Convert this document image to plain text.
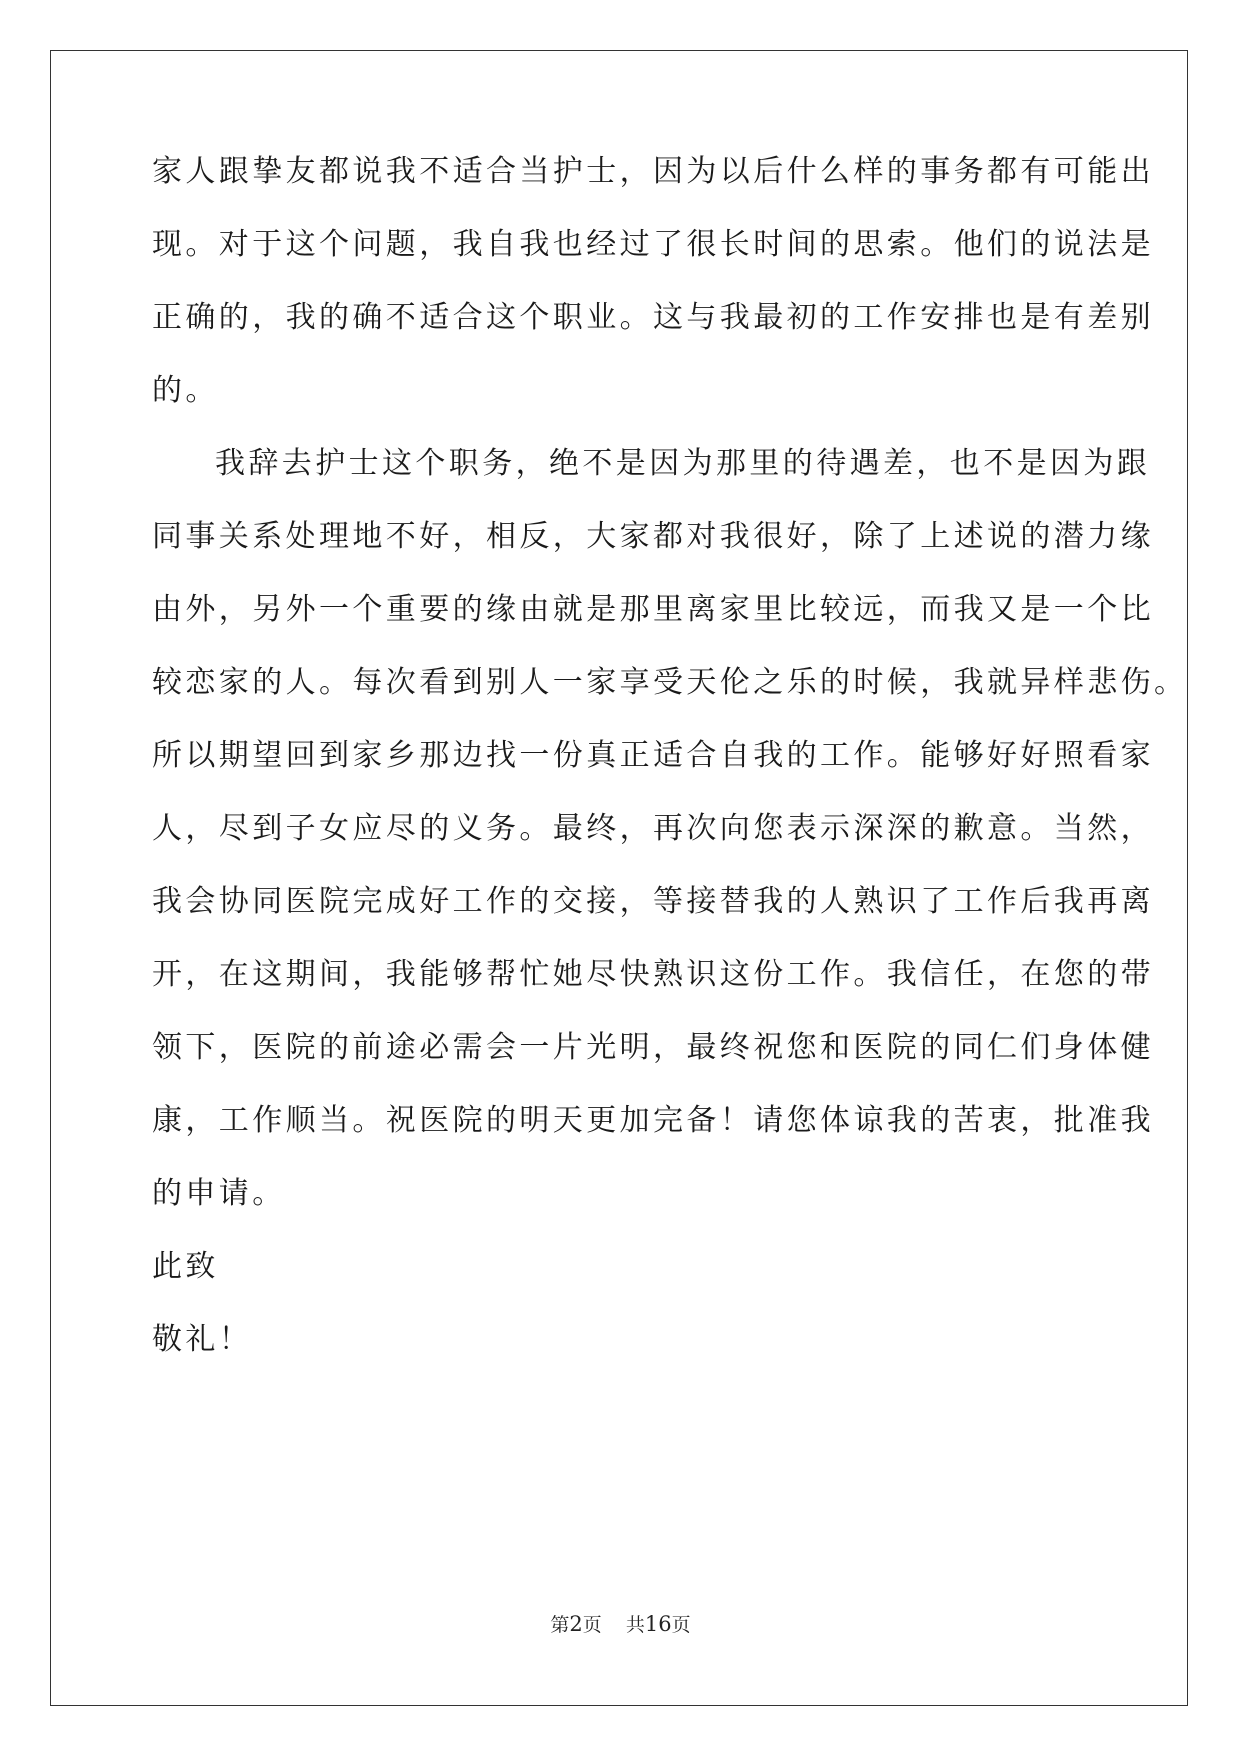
家人跟挚友都说我不适合当护士，因为以后什么样的事务都有可能出
现。对于这个问题，我自我也经过了很长时间的思索。他们的说法是
正确的，我的确不适合这个职业。这与我最初的工作安排也是有差别
的。
我辞去护士这个职务，绝不是因为那里的待遇差，也不是因为跟
同事关系处理地不好，相反，大家都对我很好，除了上述说的潜力缘
由外，另外一个重要的缘由就是那里离家里比较远，而我又是一个比
较恋家的人。每次看到别人一家享受天伦之乐的时候，我就异样悲伤。
所以期望回到家乡那边找一份真正适合自我的工作。能够好好照看家
人，尽到子女应尽的义务。最终，再次向您表示深深的歉意。当然，
我会协同医院完成好工作的交接，等接替我的人熟识了工作后我再离
开，在这期间，我能够帮忙她尽快熟识这份工作。我信任，在您的带
领下，医院的前途必需会一片光明，最终祝您和医院的同仁们身体健
康，工作顺当。祝医院的明天更加完备！请您体谅我的苦衷，批准我
的申请。
此致
敬礼！
第2页 共16页
